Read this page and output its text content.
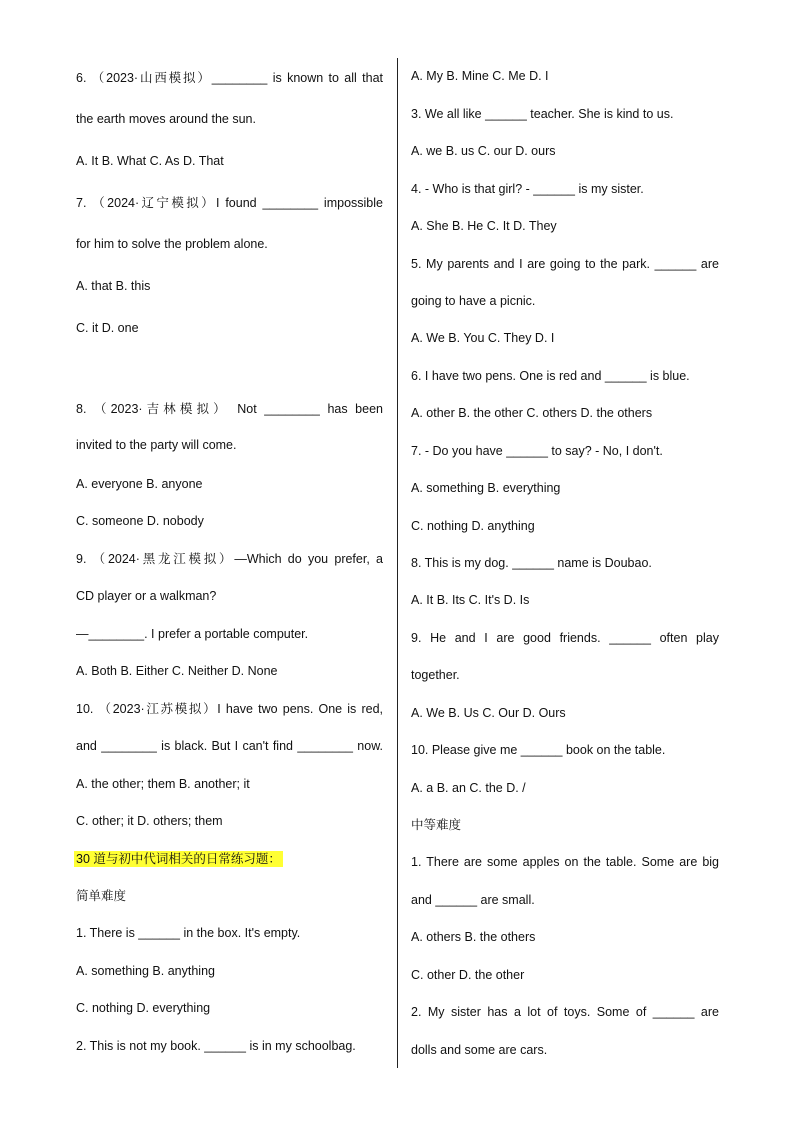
6. （2023·山西模拟）________ is known to all that
the earth moves around the sun.
A. It B. What C. As D. That
7. （2024·辽宁模拟）I found ________ impossible
for him to solve the problem alone.
A. that B. this
C. it D. one
8. （2023·吉林模拟） Not ________ has been
invited to the party will come.
A. everyone B. anyone
C. someone D. nobody
9. （2024·黑龙江模拟）—Which do you prefer, a
CD player or a walkman?
—________. I prefer a portable computer.
A. Both B. Either C. Neither D. None
10. （2023·江苏模拟）I have two pens. One is red,
and ________ is black. But I can't find ________ now.
A. the other; them B. another; it
C. other; it D. others; them
30 道与初中代词相关的日常练习题：
简单难度
1. There is ______ in the box. It's empty.
A. something B. anything
C. nothing D. everything
2. This is not my book. ______ is in my schoolbag.
A. My B. Mine C. Me D. I
3. We all like ______ teacher. She is kind to us.
A. we B. us C. our D. ours
4. - Who is that girl? - ______ is my sister.
A. She B. He C. It D. They
5. My parents and I are going to the park. ______ are
going to have a picnic.
A. We B. You C. They D. I
6. I have two pens. One is red and ______ is blue.
A. other B. the other C. others D. the others
7. - Do you have ______ to say? - No, I don't.
A. something B. everything
C. nothing D. anything
8. This is my dog. ______ name is Doubao.
A. It B. Its C. It's D. Is
9. He and I are good friends. ______ often play
together.
A. We B. Us C. Our D. Ours
10. Please give me ______ book on the table.
A. a B. an C. the D. /
中等难度
1. There are some apples on the table. Some are big
and ______ are small.
A. others B. the others
C. other D. the other
2. My sister has a lot of toys. Some of ______ are
dolls and some are cars.
